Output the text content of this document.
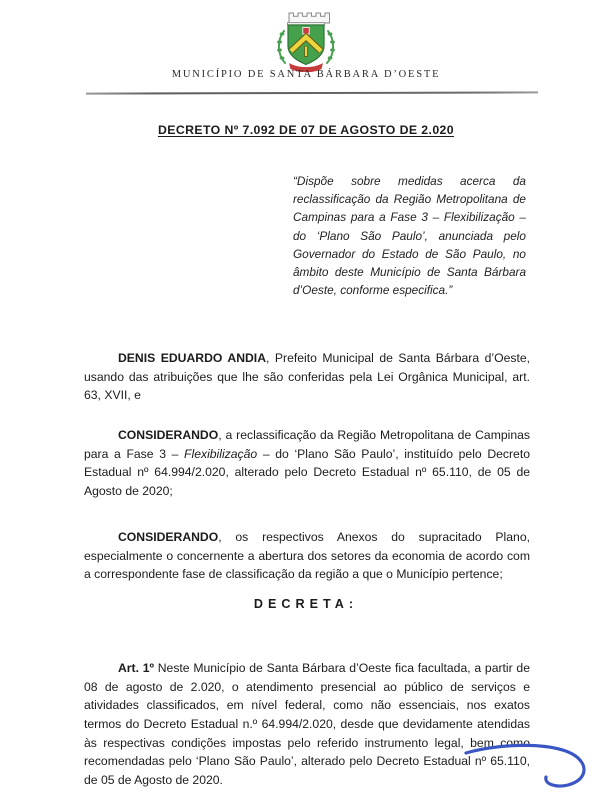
MUNICÍPIO DE SANTA BÁRBARA D’OESTE
DECRETO Nº 7.092 DE 07 DE AGOSTO DE 2.020
“Dispõe sobre medidas acerca da reclassificação da Região Metropolitana de Campinas para a Fase 3 – Flexibilização – do ‘Plano São Paulo’, anunciada pelo Governador do Estado de São Paulo, no âmbito deste Município de Santa Bárbara d’Oeste, conforme especifica.”

DENIS EDUARDO ANDIA, Prefeito Municipal de Santa Bárbara d’Oeste, usando das atribuições que lhe são conferidas pela Lei Orgânica Municipal, art. 63, XVII, e

CONSIDERANDO, a reclassificação da Região Metropolitana de Campinas para a Fase 3 – Flexibilização – do ‘Plano São Paulo’, instituído pelo Decreto Estadual nº 64.994/2.020, alterado pelo Decreto Estadual nº 65.110, de 05 de Agosto de 2020;

CONSIDERANDO, os respectivos Anexos do supracitado Plano, especialmente o concernente a abertura dos setores da economia de acordo com a correspondente fase de classificação da região a que o Município pertence;

DECRETA:

Art. 1º Neste Município de Santa Bárbara d’Oeste fica facultada, a partir de 08 de agosto de 2.020, o atendimento presencial ao público de serviços e atividades classificados, em nível federal, como não essenciais, nos exatos termos do Decreto Estadual n.º 64.994/2.020, desde que devidamente atendidas às respectivas condições impostas pelo referido instrumento legal, bem como recomendadas pelo ‘Plano São Paulo’, alterado pelo Decreto Estadual nº 65.110, de 05 de Agosto de 2020.
